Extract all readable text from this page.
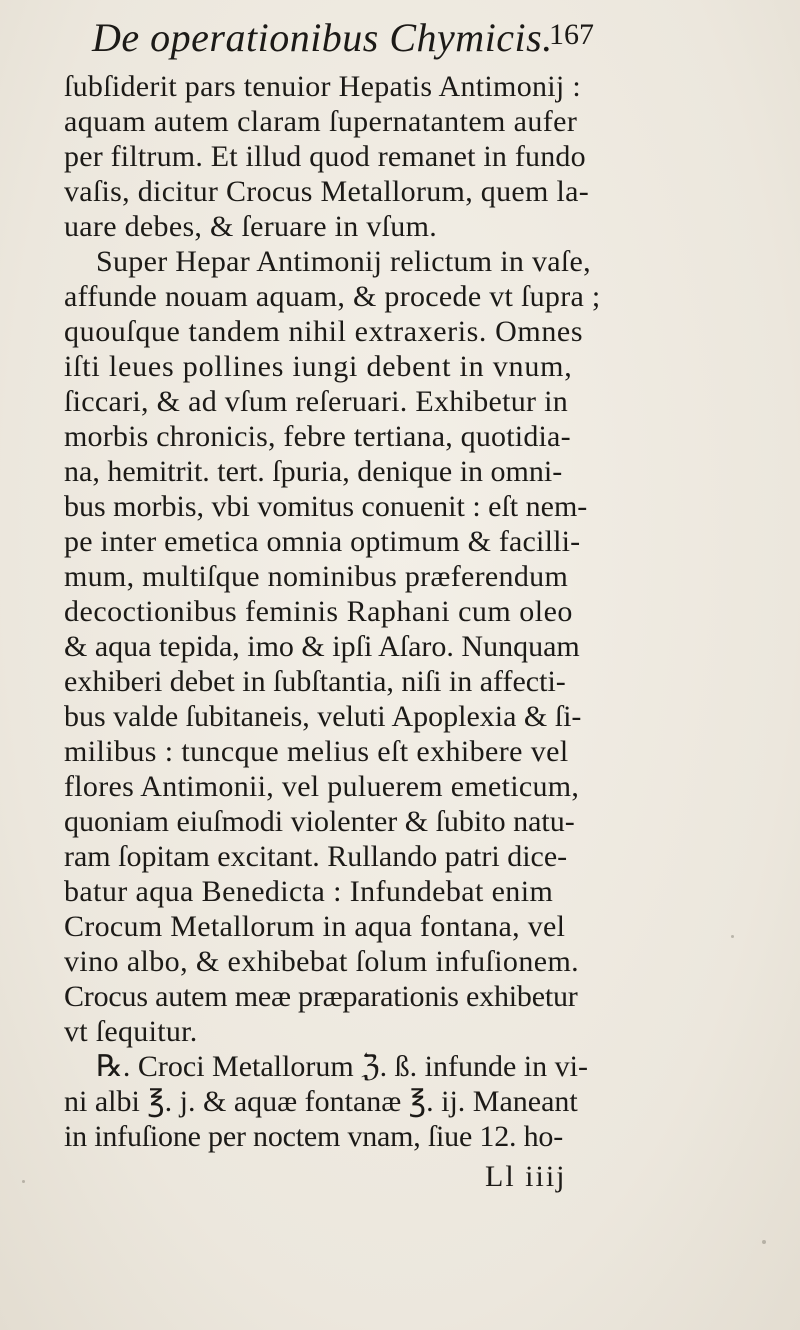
De operationibus Chymicis.
167
ſubſiderit pars tenuior Hepatis Antimonij :
aquam autem claram ſupernatantem aufer
per filtrum. Et illud quod remanet in fundo
vaſis, dicitur Crocus Metallorum, quem la-
uare debes, & ſeruare in vſum.
Super Hepar Antimonij relictum in vaſe,
affunde nouam aquam, & procede vt ſupra ;
quouſque tandem nihil extraxeris. Omnes
iſti leues pollines iungi debent in vnum,
ſiccari, & ad vſum reſeruari. Exhibetur in
morbis chronicis, febre tertiana, quotidia-
na, hemitrit. tert. ſpuria, denique in omni-
bus morbis, vbi vomitus conuenit : eſt nem-
pe inter emetica omnia optimum & facilli-
mum, multiſque nominibus præferendum
decoctionibus feminis Raphani cum oleo
& aqua tepida, imo & ipſi Aſaro. Nunquam
exhiberi debet in ſubſtantia, niſi in affecti-
bus valde ſubitaneis, veluti Apoplexia & ſi-
milibus : tuncque melius eſt exhibere vel
flores Antimonii, vel puluerem emeticum,
quoniam eiuſmodi violenter & ſubito natu-
ram ſopitam excitant. Rullando patri dice-
batur aqua Benedicta : Infundebat enim
Crocum Metallorum in aqua fontana, vel
vino albo, & exhibebat ſolum infuſionem.
Crocus autem meæ præparationis exhibetur
vt ſequitur.
℞. Croci Metallorum ℨ. ß. infunde in vi-
ni albi ℥. j. & aquæ fontanæ ℥. ij. Maneant
in infuſione per noctem vnam, ſiue 12. ho-
Ll iiij
